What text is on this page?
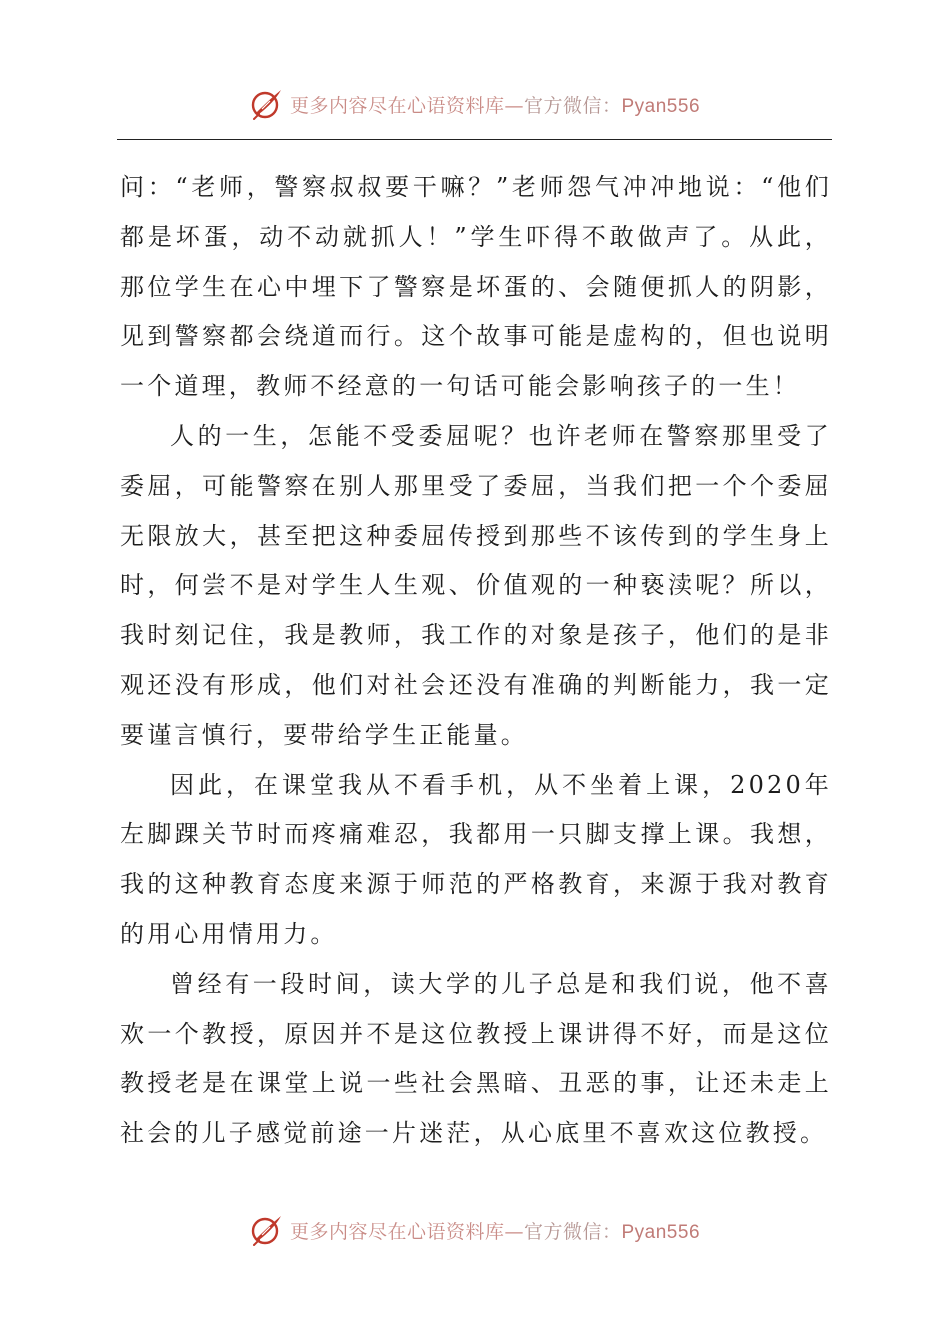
更多内容尽在心语资料库—官方微信：Pyan556

问：“老师，警察叔叔要干嘛？”老师怨气冲冲地说：“他们都是坏蛋，动不动就抓人！”学生吓得不敢做声了。从此，那位学生在心中埋下了警察是坏蛋的、会随便抓人的阴影，见到警察都会绕道而行。这个故事可能是虚构的，但也说明一个道理，教师不经意的一句话可能会影响孩子的一生！

人的一生，怎能不受委屈呢？也许老师在警察那里受了委屈，可能警察在别人那里受了委屈，当我们把一个个委屈无限放大，甚至把这种委屈传授到那些不该传到的学生身上时，何尝不是对学生人生观、价值观的一种亵渎呢？所以，我时刻记住，我是教师，我工作的对象是孩子，他们的是非观还没有形成，他们对社会还没有准确的判断能力，我一定要谨言慎行，要带给学生正能量。

因此，在课堂我从不看手机，从不坐着上课，2020年左脚踝关节时而疼痛难忍，我都用一只脚支撑上课。我想，我的这种教育态度来源于师范的严格教育，来源于我对教育的用心用情用力。

曾经有一段时间，读大学的儿子总是和我们说，他不喜欢一个教授，原因并不是这位教授上课讲得不好，而是这位教授老是在课堂上说一些社会黑暗、丑恶的事，让还未走上社会的儿子感觉前途一片迷茫，从心底里不喜欢这位教授。

更多内容尽在心语资料库—官方微信：Pyan556
